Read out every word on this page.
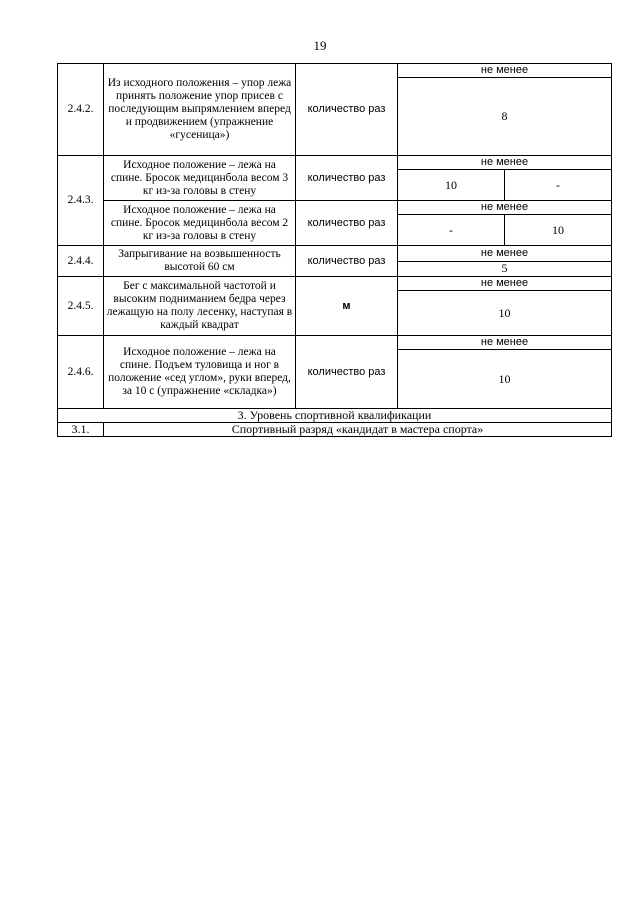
19
2.4.2.	Из исходного положения – упор лежа принять положение упор присев с последующим выпрямлением вперед и продвижением (упражнение «гусеница»)	количество раз	не менее	
			8	
2.4.3.	Исходное положение – лежа на спине. Бросок медицинбола весом 3 кг из-за головы в стену	количество раз	не менее	
			10	-
	Исходное положение – лежа на спине. Бросок медицинбола весом 2 кг из-за головы в стену	количество раз	не менее	
			-	10
2.4.4.	Запрыгивание на возвышенность высотой 60 см	количество раз	не менее	
			5	
2.4.5.	Бег с максимальной частотой и высоким подниманием бедра через лежащую на полу лесенку, наступая в каждый квадрат	м	не менее	
			10	
2.4.6.	Исходное положение – лежа на спине. Подъем туловища и ног в положение «сед углом», руки вперед, за 10 с (упражнение «складка»)	количество раз	не менее	
			10	
3. Уровень спортивной квалификации				
3.1.	Спортивный разряд «кандидат в мастера спорта»			
